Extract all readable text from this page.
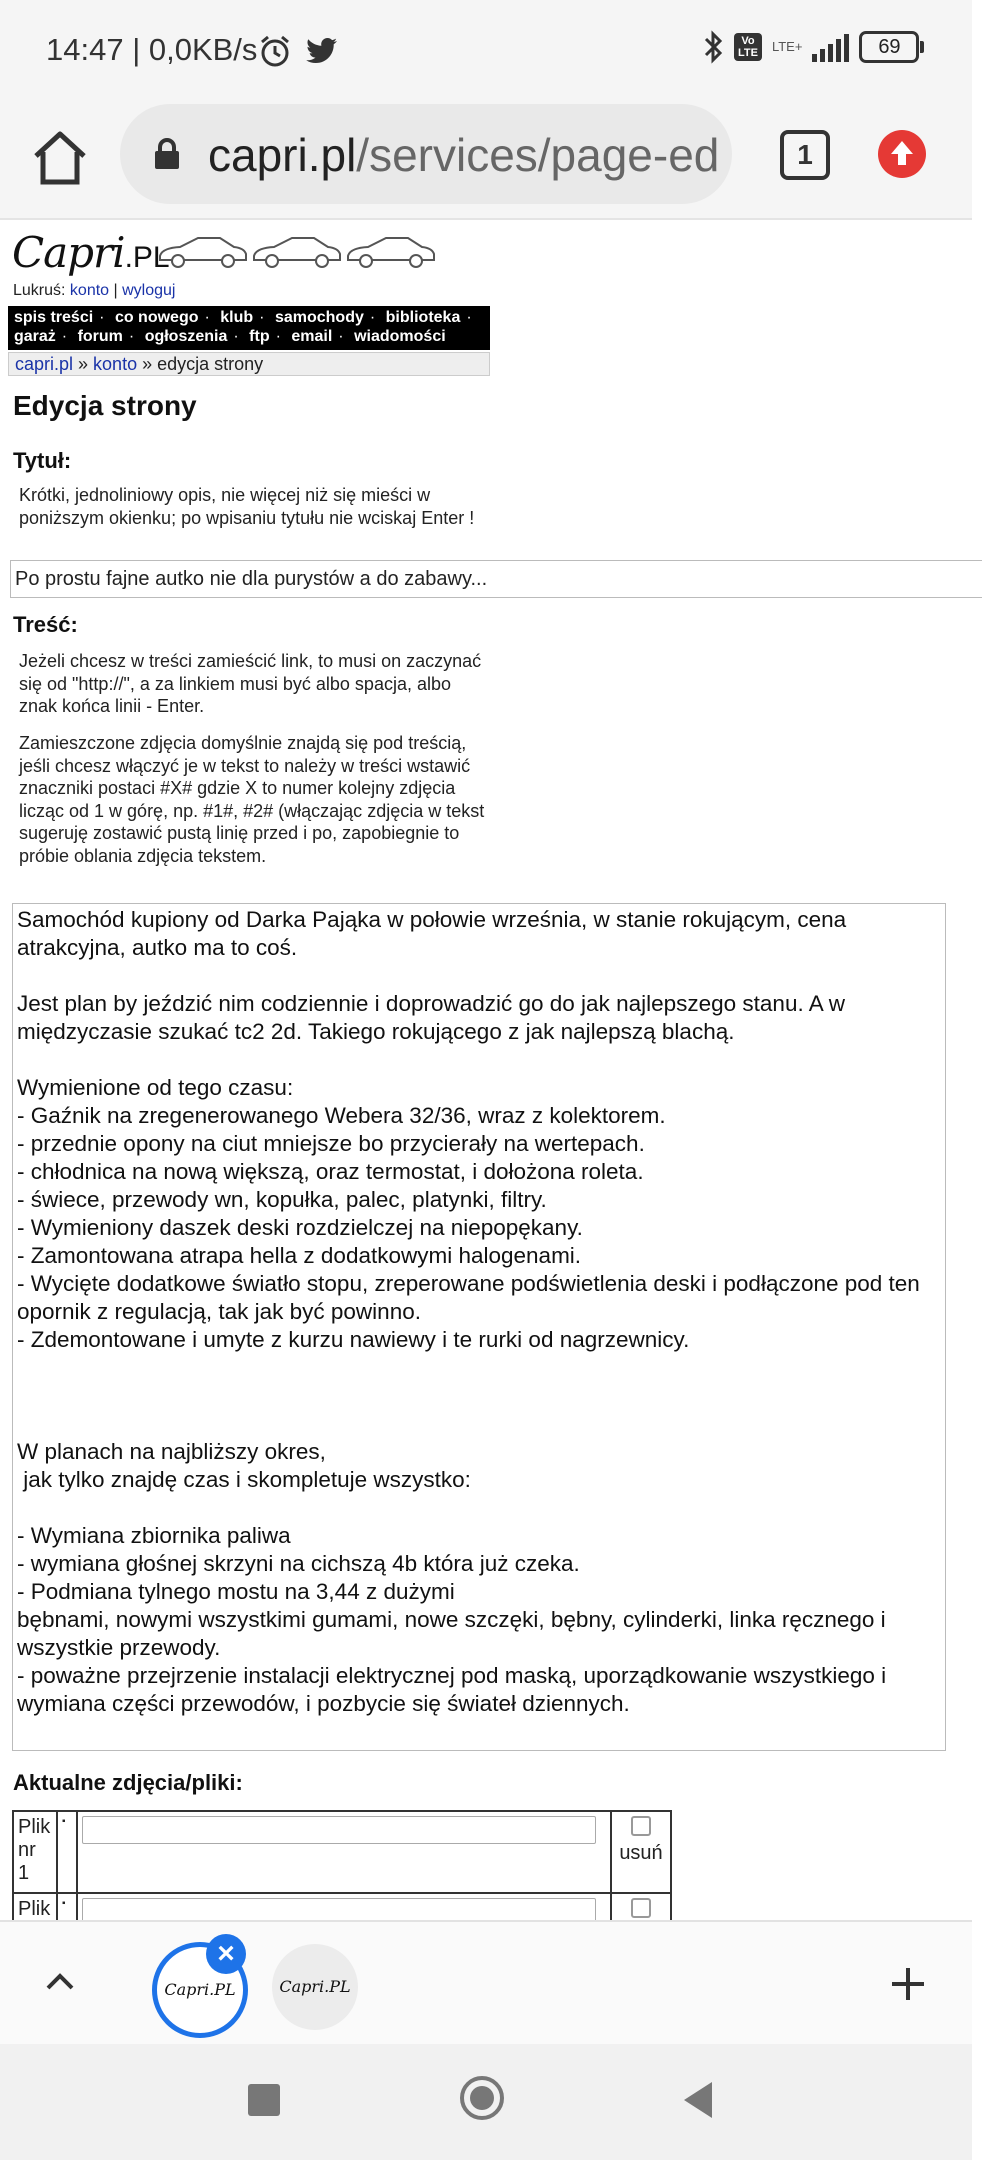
14:47 | 0,0KB/s	Vo
LTE	LTE+	69
capri.pl/services/page-ed	1
Capri.PL
Lukruś: konto | wyloguj
spis treści · co nowego · klub · samochody · biblioteka ·
garaż · forum · ogłoszenia · ftp · email · wiadomości
capri.pl » konto » edycja strony
Edycja strony
Tytuł:
Krótki, jednoliniowy opis, nie więcej niż się mieści w poniższym okienku; po wpisaniu tytułu nie wciskaj Enter !
Po prostu fajne autko nie dla purystów a do zabawy...
Treść:
Jeżeli chcesz w treści zamieścić link, to musi on zaczynać się od "http://", a za linkiem musi być albo spacja, albo znak końca linii - Enter.
Zamieszczone zdjęcia domyślnie znajdą się pod treścią, jeśli chcesz włączyć je w tekst to należy w treści wstawić znaczniki postaci #X# gdzie X to numer kolejny zdjęcia licząc od 1 w górę, np. #1#, #2# (włączając zdjęcia w tekst sugeruję zostawić pustą linię przed i po, zapobiegnie to próbie oblania zdjęcia tekstem.
Samochód kupiony od Darka Pająka w połowie września, w stanie rokującym, cena atrakcyjna, autko ma to coś.

Jest plan by jeździć nim codziennie i doprowadzić go do jak najlepszego stanu. A w międzyczasie szukać tc2 2d. Takiego rokującego z jak najlepszą blachą.

Wymienione od tego czasu:
- Gaźnik na zregenerowanego Webera 32/36, wraz z kolektorem.
- przednie opony na ciut mniejsze bo przycierały na wertepach.
- chłodnica na nową większą, oraz termostat, i dołożona roleta.
- świece, przewody wn, kopułka, palec, platynki, filtry.
- Wymieniony daszek deski rozdzielczej na niepopękany.
- Zamontowana atrapa hella z dodatkowymi halogenami.
- Wycięte dodatkowe światło stopu, zreperowane podświetlenia deski i podłączone pod ten opornik z regulacją, tak jak być powinno.
- Zdemontowane i umyte z kurzu nawiewy i te rurki od nagrzewnicy.

W planach na najbliższy okres,
jak tylko znajdę czas i skompletuje wszystko:

- Wymiana zbiornika paliwa
- wymiana głośnej skrzyni na cichszą 4b która już czeka.
- Podmiana tylnego mostu na 3,44 z dużymi
bębnami, nowymi wszystkimi gumami, nowe szczęki, bębny, cylinderki, linka ręcznego i wszystkie przewody.
- poważne przejrzenie instalacji elektrycznej pod maską, uporządkowanie wszystkiego i wymiana części przewodów, i pozbycie się świateł dziennych.
Aktualne zdjęcia/pliki:
Plik nr 1	▪		usuń
Plik	▪	

Capri.PL
×
Capri.PL
